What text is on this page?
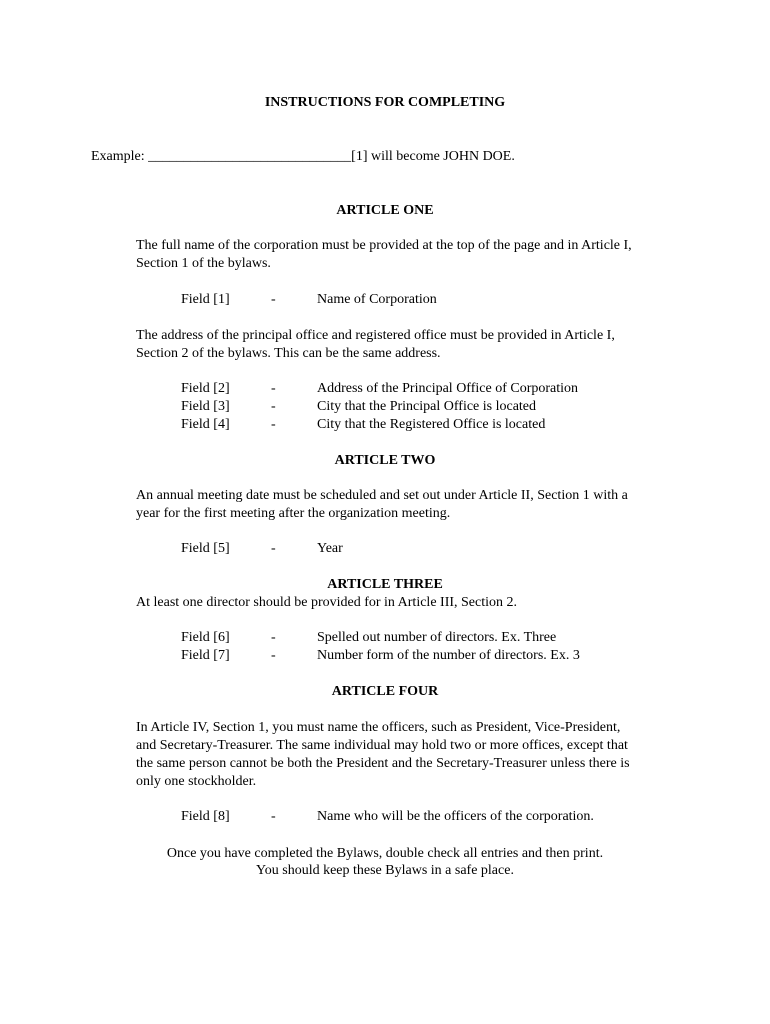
INSTRUCTIONS FOR COMPLETING
Example: _____________________________[1] will become JOHN DOE.
ARTICLE ONE
The full name of the corporation must be provided at the top of the page and in Article I,
Section 1 of the bylaws.
Field [1]	-	Name of Corporation
The address of the principal office and registered office must be provided in Article I,
Section 2 of the bylaws. This can be the same address.
Field [2]	-	Address of the Principal Office of Corporation
Field [3]	-	City that the Principal Office is located
Field [4]	-	City that the Registered Office is located
ARTICLE TWO
An annual meeting date must be scheduled and set out under Article II, Section 1 with a
year for the first meeting after the organization meeting.
Field [5]	-	Year
ARTICLE THREE
At least one director should be provided for in Article III, Section 2.
Field [6]	-	Spelled out number of directors. Ex. Three
Field [7]	-	Number form of the number of directors. Ex. 3
ARTICLE FOUR
In Article IV, Section 1, you must name the officers, such as President, Vice-President,
and Secretary-Treasurer. The same individual may hold two or more offices, except that
the same person cannot be both the President and the Secretary-Treasurer unless there is
only one stockholder.
Field [8]	-	Name who will be the officers of the corporation.
Once you have completed the Bylaws, double check all entries and then print.
You should keep these Bylaws in a safe place.
